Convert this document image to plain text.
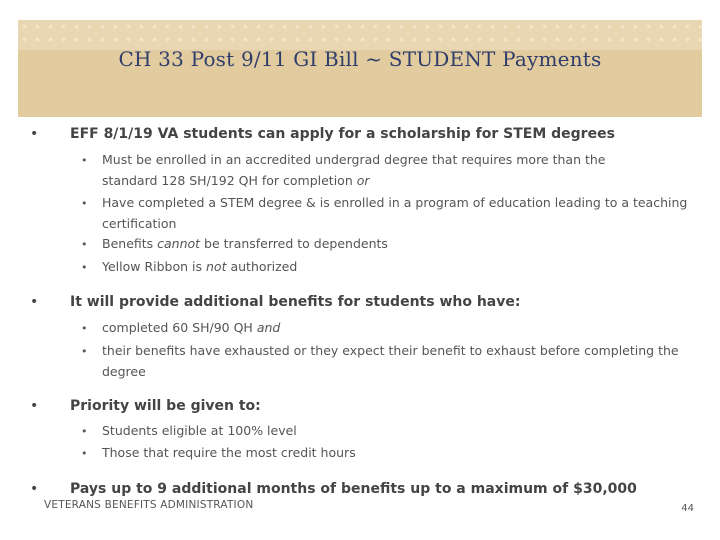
CH 33 Post 9/11 GI Bill ~ STUDENT Payments
• EFF 8/1/19 VA students can apply for a scholarship for STEM degrees
• Must be enrolled in an accredited undergrad degree that requires more than the
standard 128 SH/192 QH for completion or
• Have completed a STEM degree & is enrolled in a program of education leading to a teaching certification
• Benefits cannot be transferred to dependents
• Yellow Ribbon is not authorized
• It will provide additional benefits for students who have:
• completed 60 SH/90 QH and
• their benefits have exhausted or they expect their benefit to exhaust before completing the degree
• Priority will be given to:
• Students eligible at 100% level
• Those that require the most credit hours
• Pays up to 9 additional months of benefits up to a maximum of $30,000
VETERANS BENEFITS ADMINISTRATION	44
